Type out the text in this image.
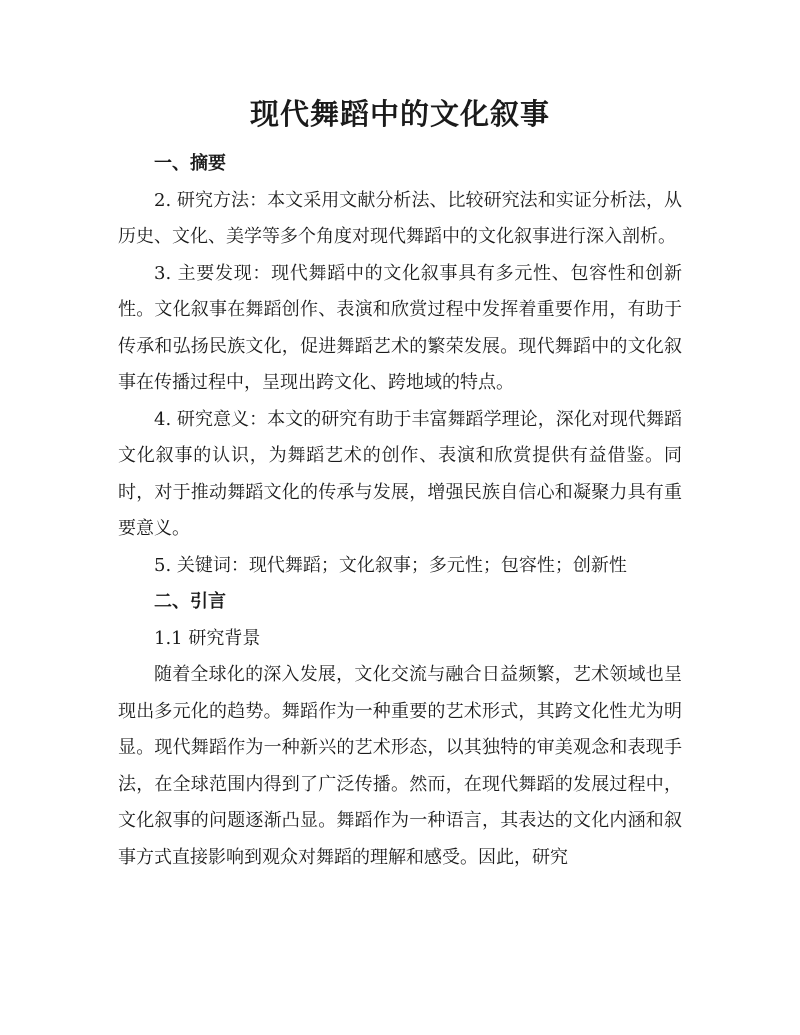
现代舞蹈中的文化叙事

一、摘要

2. 研究方法：本文采用文献分析法、比较研究法和实证分析法，从历史、文化、美学等多个角度对现代舞蹈中的文化叙事进行深入剖析。

3. 主要发现：现代舞蹈中的文化叙事具有多元性、包容性和创新性。文化叙事在舞蹈创作、表演和欣赏过程中发挥着重要作用，有助于传承和弘扬民族文化，促进舞蹈艺术的繁荣发展。现代舞蹈中的文化叙事在传播过程中，呈现出跨文化、跨地域的特点。

4. 研究意义：本文的研究有助于丰富舞蹈学理论，深化对现代舞蹈文化叙事的认识，为舞蹈艺术的创作、表演和欣赏提供有益借鉴。同时，对于推动舞蹈文化的传承与发展，增强民族自信心和凝聚力具有重要意义。

5. 关键词：现代舞蹈；文化叙事；多元性；包容性；创新性

二、引言

1.1 研究背景

随着全球化的深入发展，文化交流与融合日益频繁，艺术领域也呈现出多元化的趋势。舞蹈作为一种重要的艺术形式，其跨文化性尤为明显。现代舞蹈作为一种新兴的艺术形态，以其独特的审美观念和表现手法，在全球范围内得到了广泛传播。然而，在现代舞蹈的发展过程中，文化叙事的问题逐渐凸显。舞蹈作为一种语言，其表达的文化内涵和叙事方式直接影响到观众对舞蹈的理解和感受。因此，研究
